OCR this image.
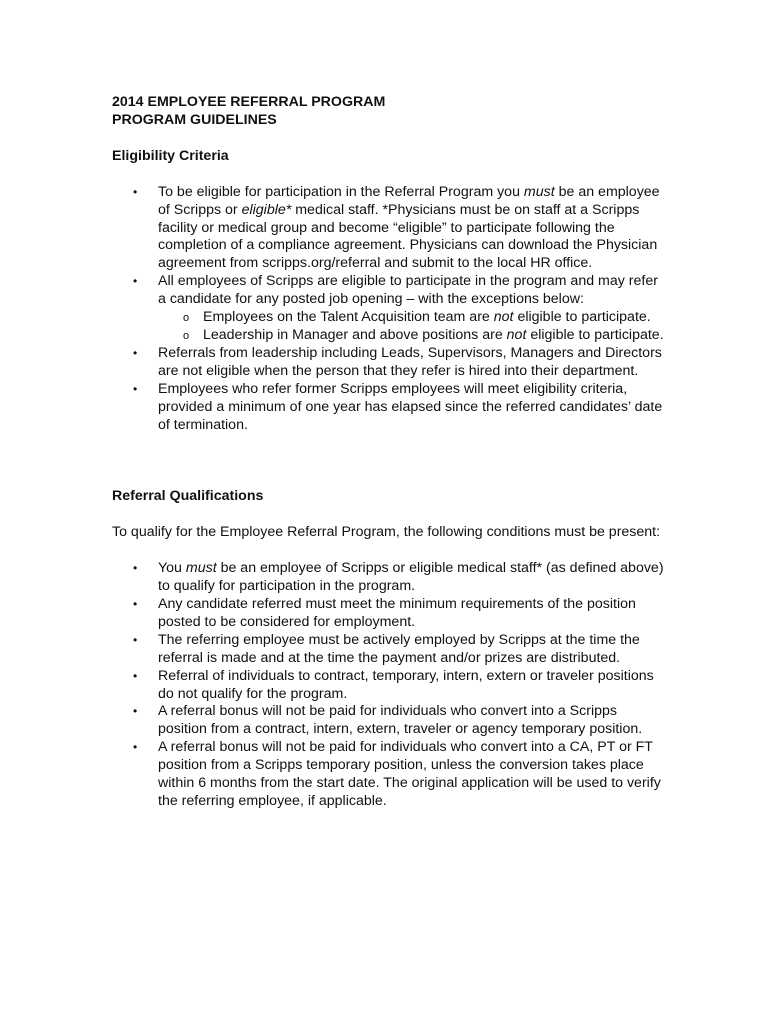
2014 EMPLOYEE REFERRAL PROGRAM
PROGRAM GUIDELINES
Eligibility Criteria
• To be eligible for participation in the Referral Program you must be an employee of Scripps or eligible* medical staff. *Physicians must be on staff at a Scripps facility or medical group and become “eligible” to participate following the completion of a compliance agreement. Physicians can download the Physician agreement from scripps.org/referral and submit to the local HR office.
• All employees of Scripps are eligible to participate in the program and may refer a candidate for any posted job opening – with the exceptions below:
o Employees on the Talent Acquisition team are not eligible to participate.
o Leadership in Manager and above positions are not eligible to participate.
• Referrals from leadership including Leads, Supervisors, Managers and Directors are not eligible when the person that they refer is hired into their department.
• Employees who refer former Scripps employees will meet eligibility criteria, provided a minimum of one year has elapsed since the referred candidates’ date of termination.
Referral Qualifications
To qualify for the Employee Referral Program, the following conditions must be present:
• You must be an employee of Scripps or eligible medical staff* (as defined above) to qualify for participation in the program.
• Any candidate referred must meet the minimum requirements of the position posted to be considered for employment.
• The referring employee must be actively employed by Scripps at the time the referral is made and at the time the payment and/or prizes are distributed.
• Referral of individuals to contract, temporary, intern, extern or traveler positions do not qualify for the program.
• A referral bonus will not be paid for individuals who convert into a Scripps position from a contract, intern, extern, traveler or agency temporary position.
• A referral bonus will not be paid for individuals who convert into a CA, PT or FT position from a Scripps temporary position, unless the conversion takes place within 6 months from the start date. The original application will be used to verify the referring employee, if applicable.
